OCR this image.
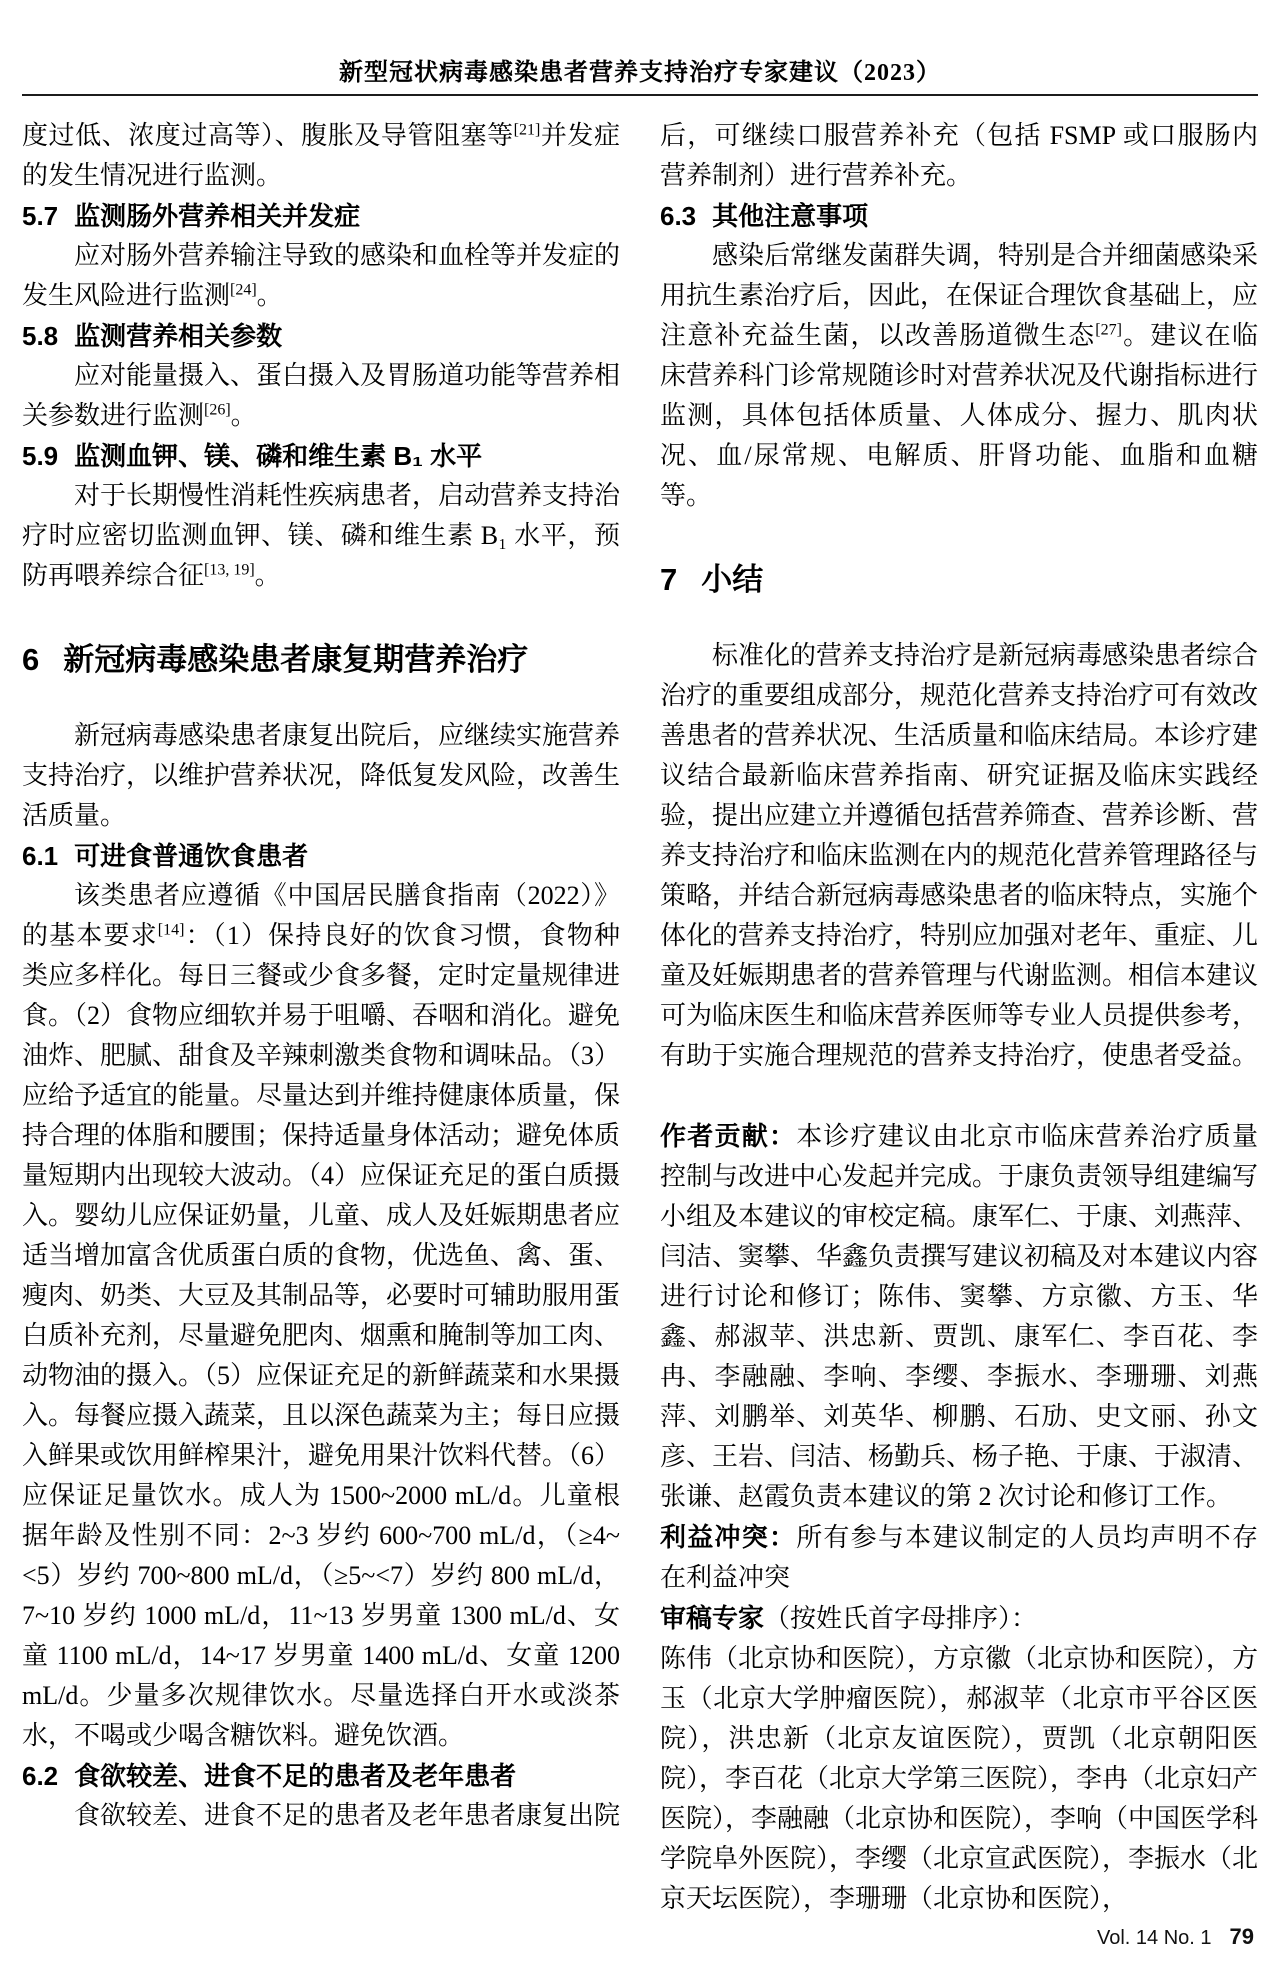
新型冠状病毒感染患者营养支持治疗专家建议（2023）

度过低、浓度过高等）、腹胀及导管阻塞等[21]并发症的发生情况进行监测。

5.7 监测肠外营养相关并发症

应对肠外营养输注导致的感染和血栓等并发症的发生风险进行监测[24]。

5.8 监测营养相关参数

应对能量摄入、蛋白摄入及胃肠道功能等营养相关参数进行监测[26]。

5.9 监测血钾、镁、磷和维生素 B₁ 水平

对于长期慢性消耗性疾病患者，启动营养支持治疗时应密切监测血钾、镁、磷和维生素 B₁ 水平，预防再喂养综合征[13, 19]。

6 新冠病毒感染患者康复期营养治疗

新冠病毒感染患者康复出院后，应继续实施营养支持治疗，以维护营养状况，降低复发风险，改善生活质量。

6.1 可进食普通饮食患者

该类患者应遵循《中国居民膳食指南（2022）》的基本要求[14]：（1）保持良好的饮食习惯，食物种类应多样化。每日三餐或少食多餐，定时定量规律进食。（2）食物应细软并易于咀嚼、吞咽和消化。避免油炸、肥腻、甜食及辛辣刺激类食物和调味品。（3）应给予适宜的能量。尽量达到并维持健康体质量，保持合理的体脂和腰围；保持适量身体活动；避免体质量短期内出现较大波动。（4）应保证充足的蛋白质摄入。婴幼儿应保证奶量，儿童、成人及妊娠期患者应适当增加富含优质蛋白质的食物，优选鱼、禽、蛋、瘦肉、奶类、大豆及其制品等，必要时可辅助服用蛋白质补充剂，尽量避免肥肉、烟熏和腌制等加工肉、动物油的摄入。（5）应保证充足的新鲜蔬菜和水果摄入。每餐应摄入蔬菜，且以深色蔬菜为主；每日应摄入鲜果或饮用鲜榨果汁，避免用果汁饮料代替。（6）应保证足量饮水。成人为 1500~2000 mL/d。儿童根据年龄及性别不同：2~3 岁约 600~700 mL/d，（≥4~<5）岁约 700~800 mL/d，（≥5~<7）岁约 800 mL/d，7~10 岁约 1000 mL/d，11~13 岁男童 1300 mL/d、女童 1100 mL/d，14~17 岁男童 1400 mL/d、女童 1200 mL/d。少量多次规律饮水。尽量选择白开水或淡茶水，不喝或少喝含糖饮料。避免饮酒。

6.2 食欲较差、进食不足的患者及老年患者

食欲较差、进食不足的患者及老年患者康复出院

后，可继续口服营养补充（包括 FSMP 或口服肠内营养制剂）进行营养补充。

6.3 其他注意事项

感染后常继发菌群失调，特别是合并细菌感染采用抗生素治疗后，因此，在保证合理饮食基础上，应注意补充益生菌，以改善肠道微生态[27]。建议在临床营养科门诊常规随诊时对营养状况及代谢指标进行监测，具体包括体质量、人体成分、握力、肌肉状况、血/尿常规、电解质、肝肾功能、血脂和血糖等。

7 小结

标准化的营养支持治疗是新冠病毒感染患者综合治疗的重要组成部分，规范化营养支持治疗可有效改善患者的营养状况、生活质量和临床结局。本诊疗建议结合最新临床营养指南、研究证据及临床实践经验，提出应建立并遵循包括营养筛查、营养诊断、营养支持治疗和临床监测在内的规范化营养管理路径与策略，并结合新冠病毒感染患者的临床特点，实施个体化的营养支持治疗，特别应加强对老年、重症、儿童及妊娠期患者的营养管理与代谢监测。相信本建议可为临床医生和临床营养医师等专业人员提供参考，有助于实施合理规范的营养支持治疗，使患者受益。

作者贡献：本诊疗建议由北京市临床营养治疗质量控制与改进中心发起并完成。于康负责领导组建编写小组及本建议的审校定稿。康军仁、于康、刘燕萍、闫洁、窦攀、华鑫负责撰写建议初稿及对本建议内容进行讨论和修订；陈伟、窦攀、方京徽、方玉、华鑫、郝淑苹、洪忠新、贾凯、康军仁、李百花、李冉、李融融、李响、李缨、李振水、李珊珊、刘燕萍、刘鹏举、刘英华、柳鹏、石劢、史文丽、孙文彦、王岩、闫洁、杨勤兵、杨子艳、于康、于淑清、张谦、赵霞负责本建议的第 2 次讨论和修订工作。

利益冲突：所有参与本建议制定的人员均声明不存在利益冲突

审稿专家（按姓氏首字母排序）：

陈伟（北京协和医院），方京徽（北京协和医院），方玉（北京大学肿瘤医院），郝淑苹（北京市平谷区医院），洪忠新（北京友谊医院），贾凯（北京朝阳医院），李百花（北京大学第三医院），李冉（北京妇产医院），李融融（北京协和医院），李响（中国医学科学院阜外医院），李缨（北京宣武医院），李振水（北京天坛医院），李珊珊（北京协和医院），

Vol. 14 No. 1 79
